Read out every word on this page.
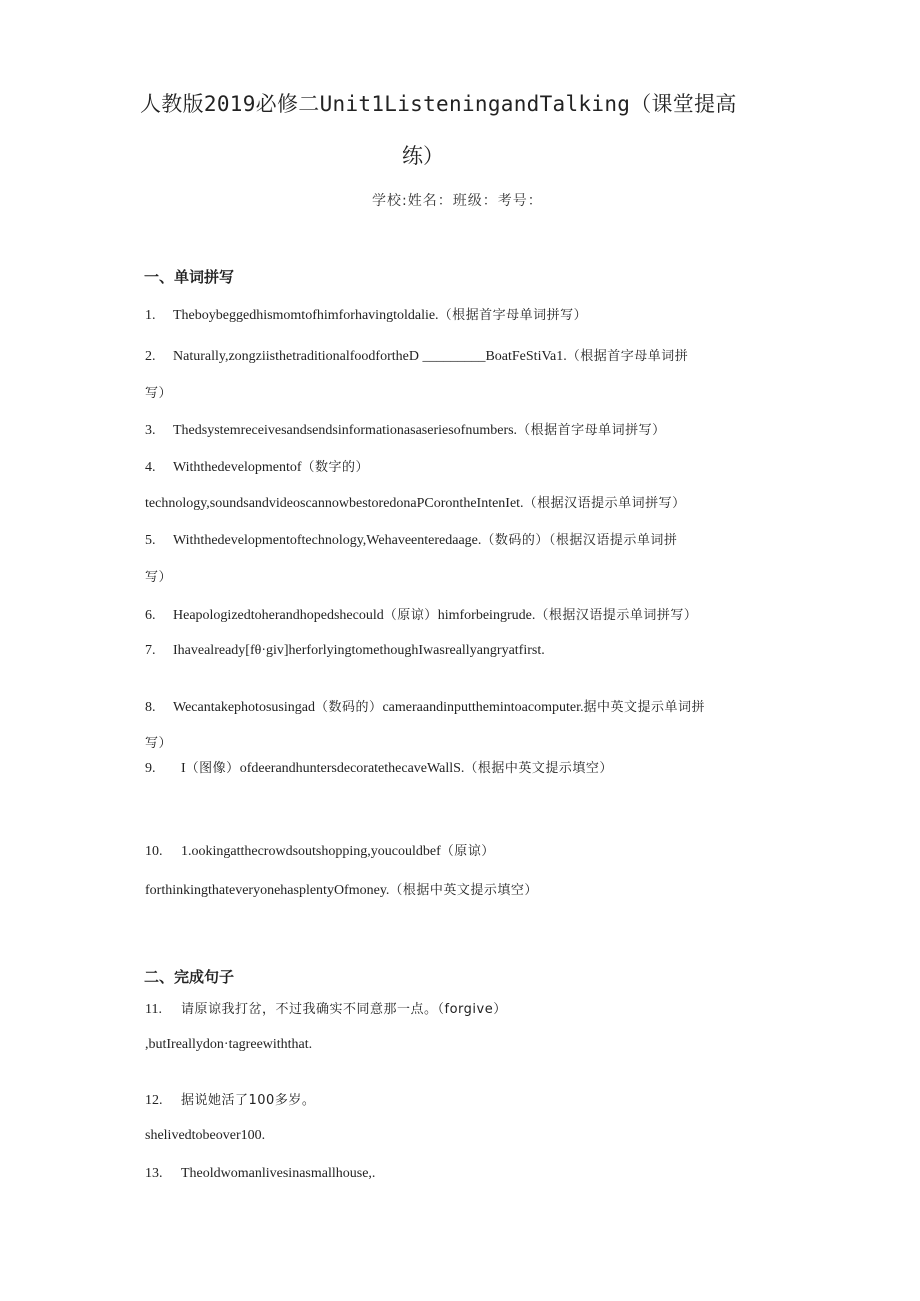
人教版2019必修二Unit1ListeningandTalking（课堂提高
练）
学校:姓名：班级：考号：
一、单词拼写
1. Theboybeggedhismomtofhimforhavingtoldalie.（根据首字母单词拼写）
2. Naturally,zongziisthetraditionalfoodfortheD _________BoatFeStiVa1.（根据首字母单词拼
写）
3. Thedsystemreceivesandsendsinformationasaseriesofnumbers.（根据首字母单词拼写）
4. Withthedevelopmentof（数字的）
technology,soundsandvideoscannowbestoredonaPCorontheIntenIet.（根据汉语提示单词拼写）
5. Withthedevelopmentoftechnology,Wehaveenteredaage.（数码的）（根据汉语提示单词拼
写）
6. Heapologizedtoherandhopedshecould（原谅）himforbeingrude.（根据汉语提示单词拼写）
7. Ihavealready[fθ·giv]herforlyingtomethoughIwasreallyangryatfirst.
8. Wecantakephotosusingad（数码的）cameraandinputthemintoacomputer.据中英文提示单词拼
写）
9. I（图像）ofdeerandhuntersdecoratethecaveWallS.（根据中英文提示填空）
10. 1.ookingatthecrowdsoutshopping,youcouldbef（原谅）
forthinkingthateveryonehasplentyOfmoney.（根据中英文提示填空）
二、完成句子
11. 请原谅我打岔，不过我确实不同意那一点。（forgive）
,butIreallydon·tagreewiththat.
12. 据说她活了100多岁。
shelivedtobeover100.
13. Theoldwomanlivesinasmallhouse,.
